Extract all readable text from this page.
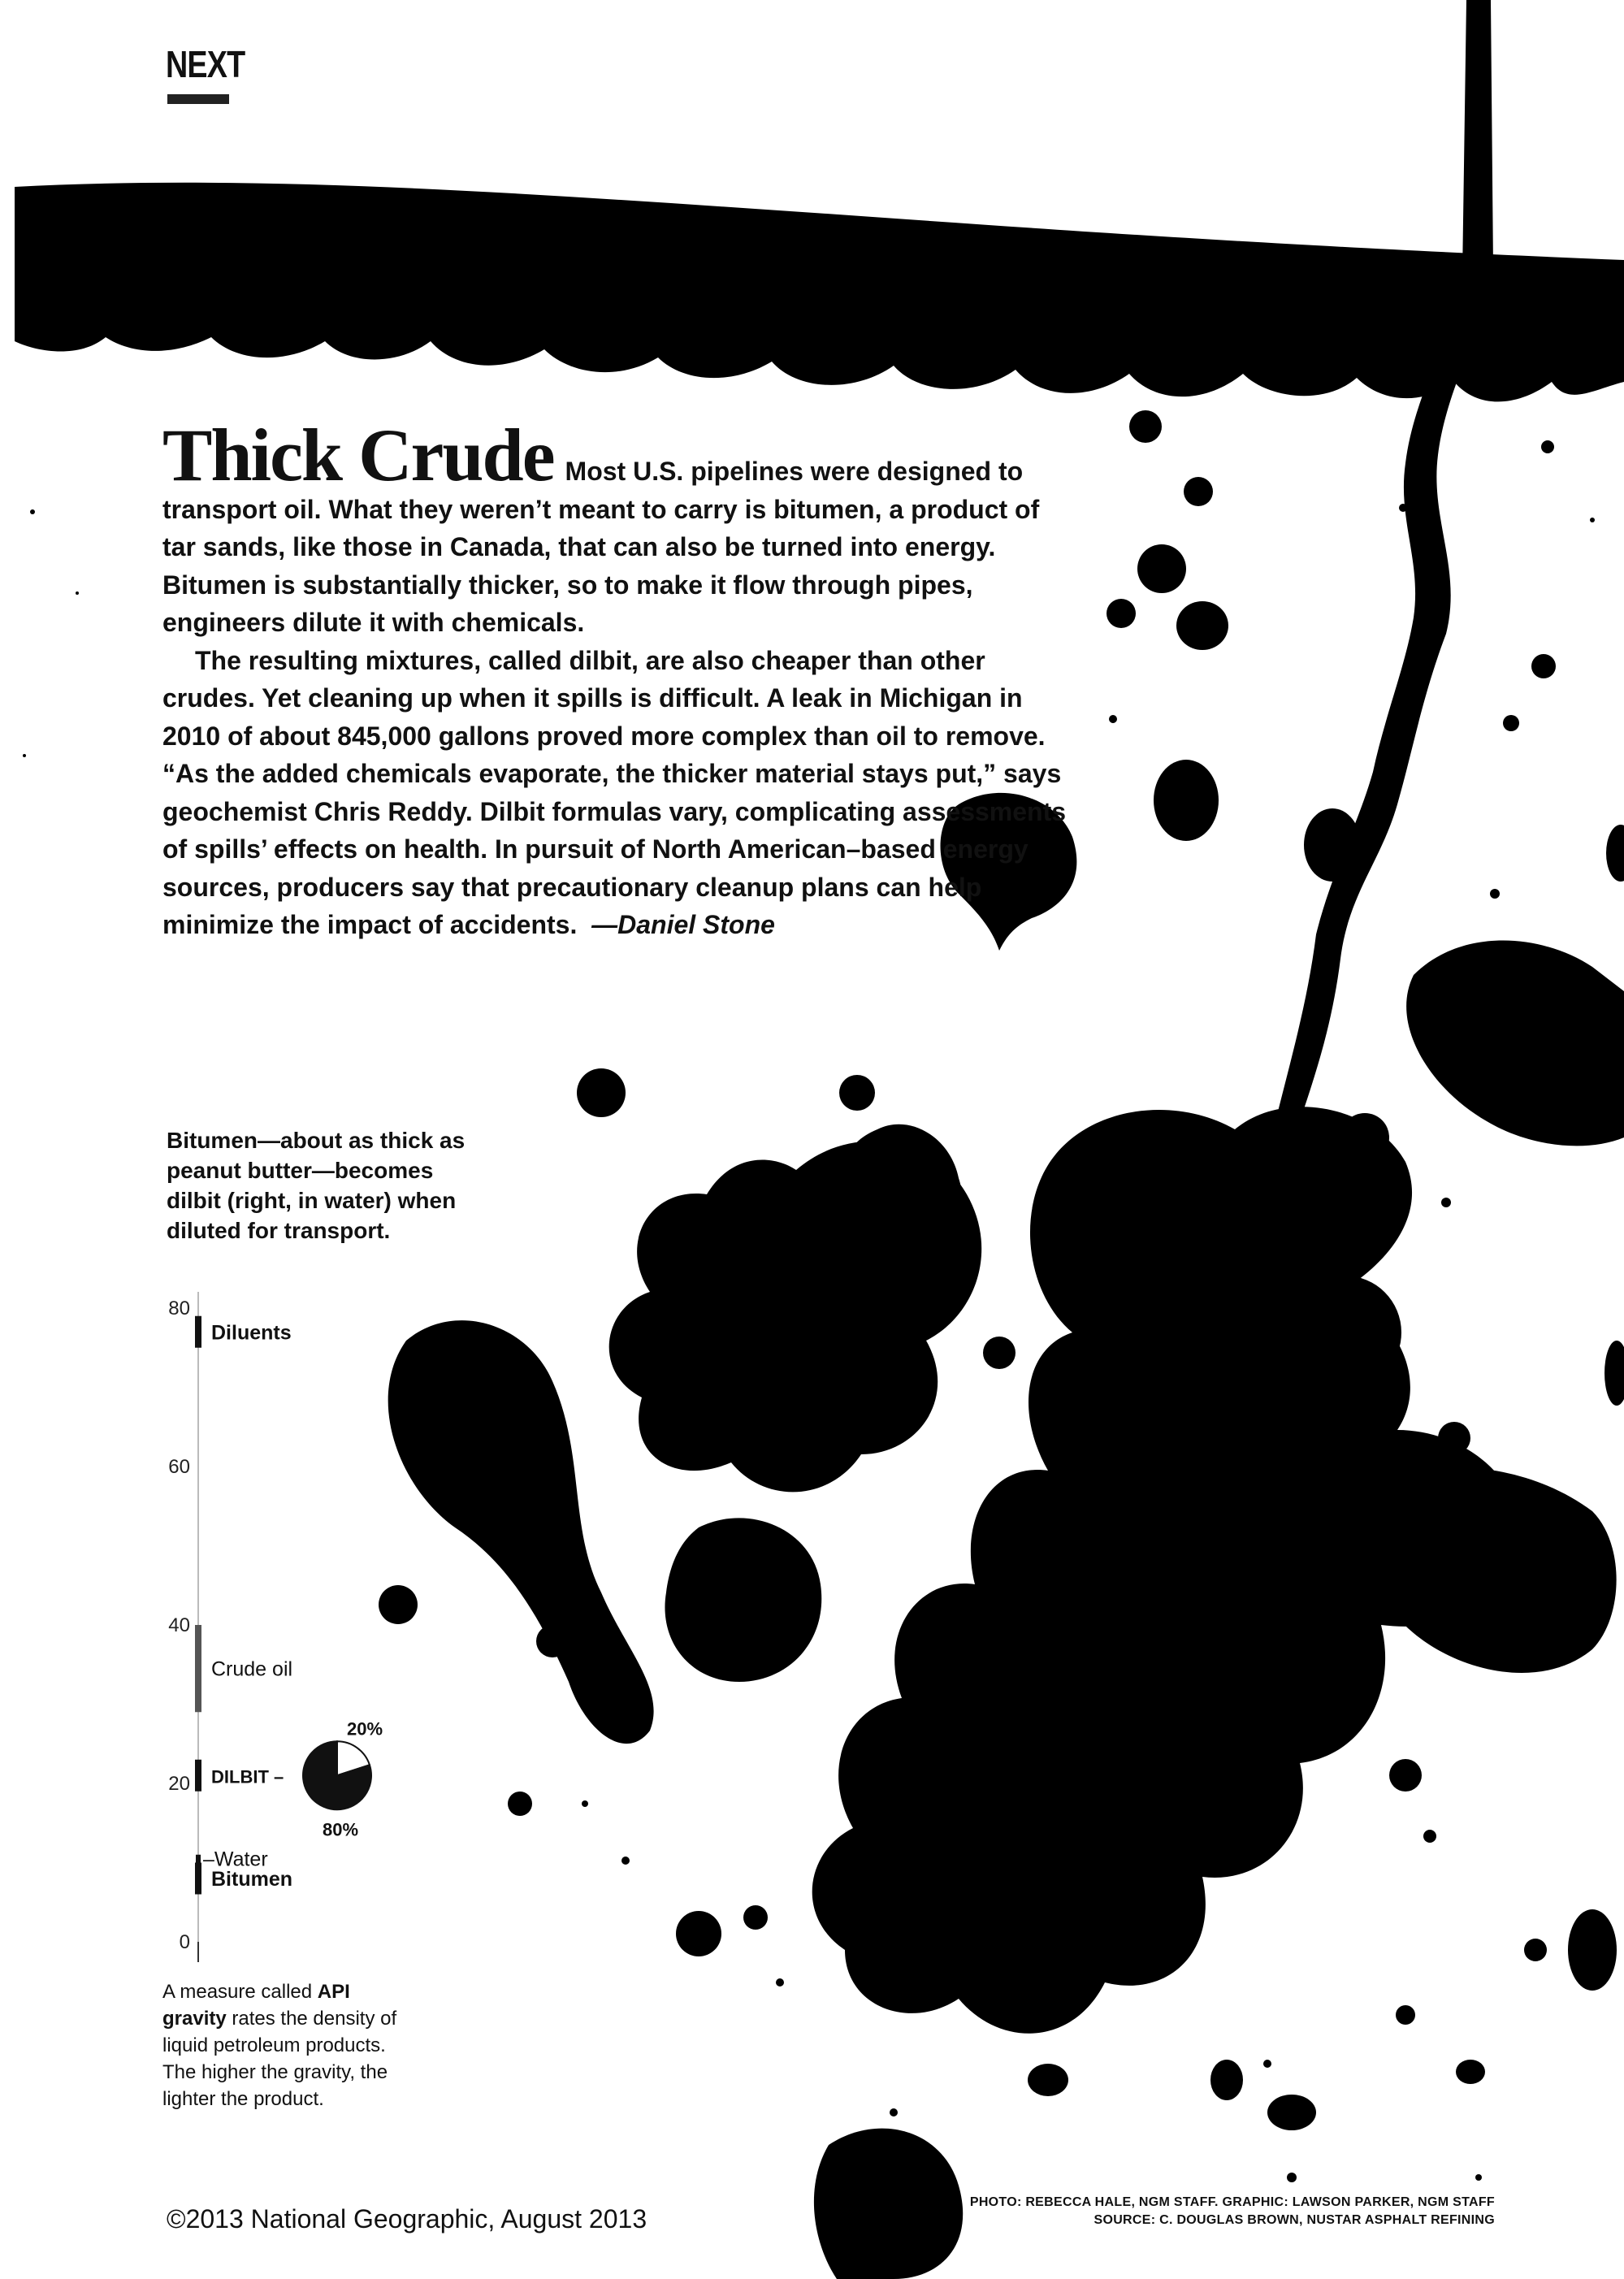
NEXT

Thick Crude Most U.S. pipelines were designed to transport oil. What they weren’t meant to carry is bitumen, a product of tar sands, like those in Canada, that can also be turned into energy. Bitumen is substantially thicker, so to make it flow through pipes, engineers dilute it with chemicals.

The resulting mixtures, called dilbit, are also cheaper than other crudes. Yet cleaning up when it spills is difficult. A leak in Michigan in 2010 of about 845,000 gallons proved more complex than oil to remove. “As the added chemicals evaporate, the thicker material stays put,” says geochemist Chris Reddy. Dilbit formulas vary, complicating assessments of spills’ effects on health. In pursuit of North American–based energy sources, producers say that precautionary cleanup plans can help minimize the impact of accidents. —Daniel Stone

Bitumen—about as thick as peanut butter—becomes dilbit (right, in water) when diluted for transport.
80
60
40
20
0
Diluents
Crude oil
DILBIT –
–Water
Bitumen
20%
80%
A measure called API gravity rates the density of liquid petroleum products. The higher the gravity, the lighter the product.
©2013 National Geographic, August 2013
PHOTO: REBECCA HALE, NGM STAFF. GRAPHIC: LAWSON PARKER, NGM STAFF
SOURCE: C. DOUGLAS BROWN, NUSTAR ASPHALT REFINING
